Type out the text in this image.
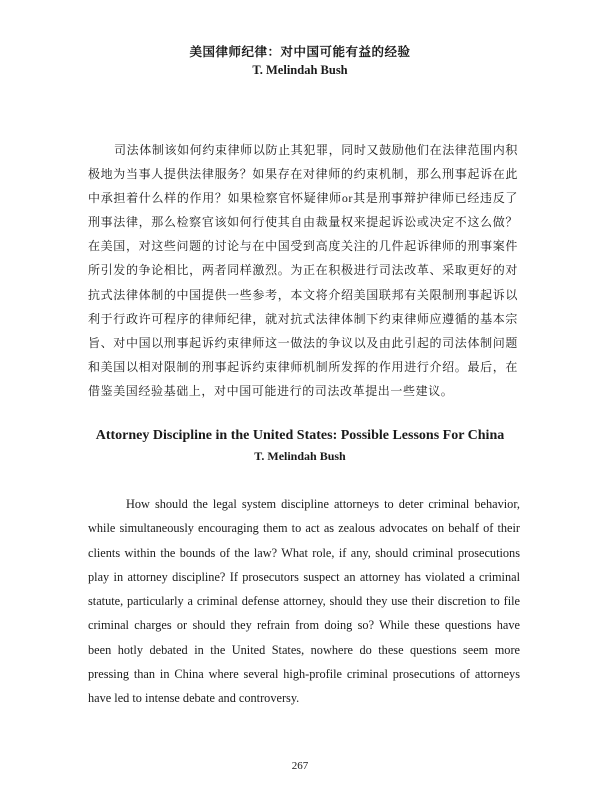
美国律师纪律：对中国可能有益的经验
T. Melindah Bush
司法体制该如何约束律师以防止其犯罪，同时又鼓励他们在法律范围内积极地为当事人提供法律服务？如果存在对律师的约束机制，那么刑事起诉在此中承担着什么样的作用？如果检察官怀疑律师or其是刑事辩护律师已经违反了刑事法律，那么检察官该如何行使其自由裁量权来提起诉讼或决定不这么做？在美国，对这些问题的讨论与在中国受到高度关注的几件起诉律师的刑事案件所引发的争论相比，两者同样激烈。为正在积极进行司法改革、采取更好的对抗式法律体制的中国提供一些参考，本文将介绍美国联邦有关限制刑事起诉以利于行政许可程序的律师纪律，就对抗式法律体制下约束律师应遵循的基本宗旨、对中国以刑事起诉约束律师这一做法的争议以及由此引起的司法体制问题和美国以相对限制的刑事起诉约束律师机制所发挥的作用进行介绍。最后，在借鉴美国经验基础上，对中国可能进行的司法改革提出一些建议。
Attorney Discipline in the United States: Possible Lessons For China
T. Melindah Bush

How should the legal system discipline attorneys to deter criminal behavior,
while simultaneously encouraging them to act as zealous advocates on behalf of their
clients within the bounds of the law? What role, if any, should criminal prosecutions
play in attorney discipline? If prosecutors suspect an attorney has violated a criminal
statute, particularly a criminal defense attorney, should they use their discretion to file
criminal charges or should they refrain from doing so? While these questions have
been hotly debated in the United States, nowhere do these questions seem more
pressing than in China where several high-profile criminal prosecutions of attorneys
have led to intense debate and controversy.

267
